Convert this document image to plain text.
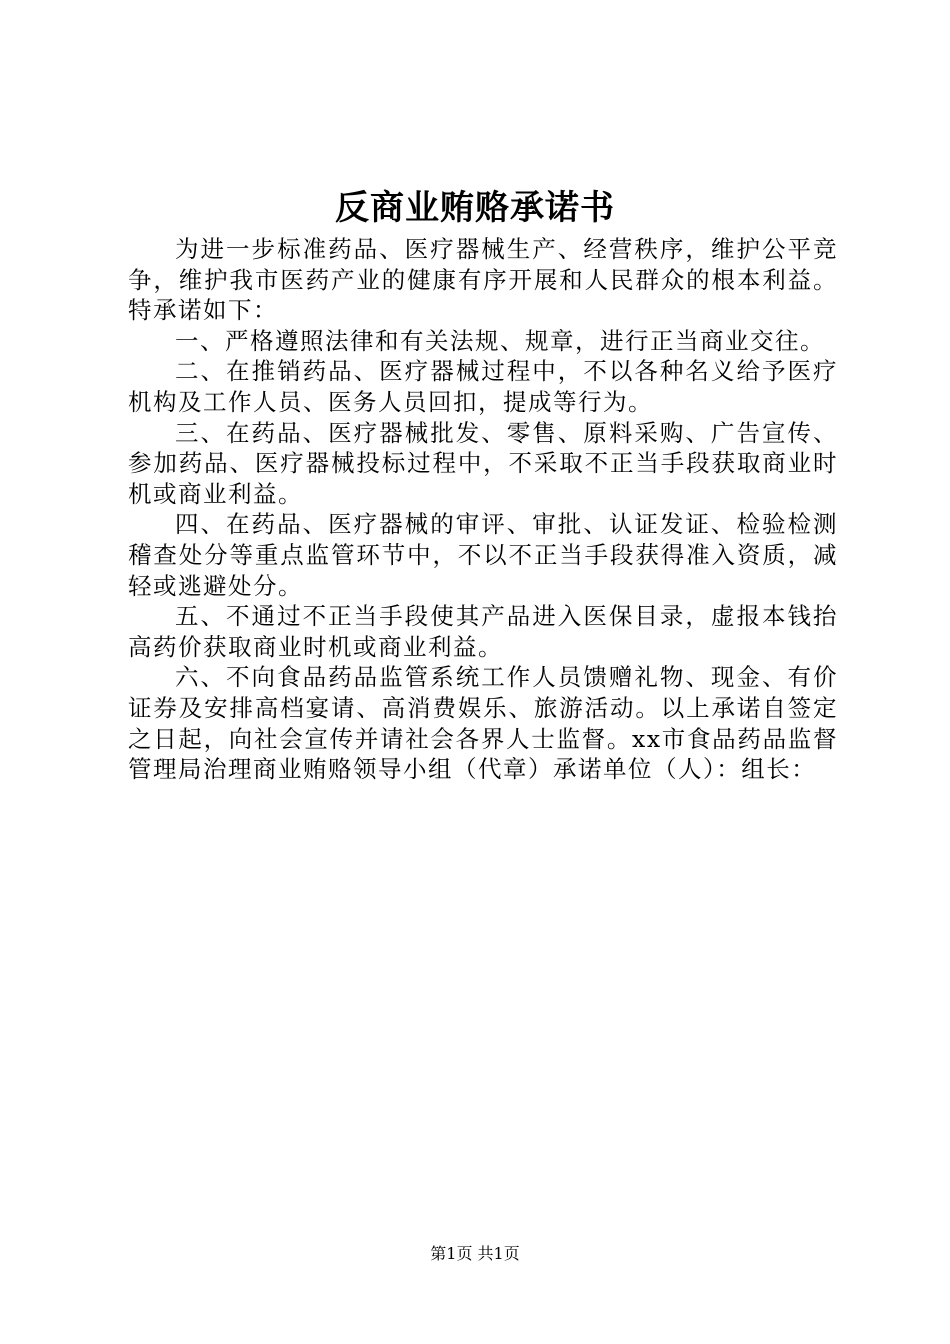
反商业贿赂承诺书

为进一步标准药品、医疗器械生产、经营秩序，维护公平竞争，维护我市医药产业的健康有序开展和人民群众的根本利益。特承诺如下：

一、严格遵照法律和有关法规、规章，进行正当商业交往。

二、在推销药品、医疗器械过程中，不以各种名义给予医疗机构及工作人员、医务人员回扣，提成等行为。

三、在药品、医疗器械批发、零售、原料采购、广告宣传、参加药品、医疗器械投标过程中，不采取不正当手段获取商业时机或商业利益。

四、在药品、医疗器械的审评、审批、认证发证、检验检测稽查处分等重点监管环节中，不以不正当手段获得准入资质，减轻或逃避处分。

五、不通过不正当手段使其产品进入医保目录，虚报本钱抬高药价获取商业时机或商业利益。

六、不向食品药品监管系统工作人员馈赠礼物、现金、有价证券及安排高档宴请、高消费娱乐、旅游活动。以上承诺自签定之日起，向社会宣传并请社会各界人士监督。xx市食品药品监督管理局治理商业贿赂领导小组（代章）承诺单位（人）：组长：

第1页 共1页
